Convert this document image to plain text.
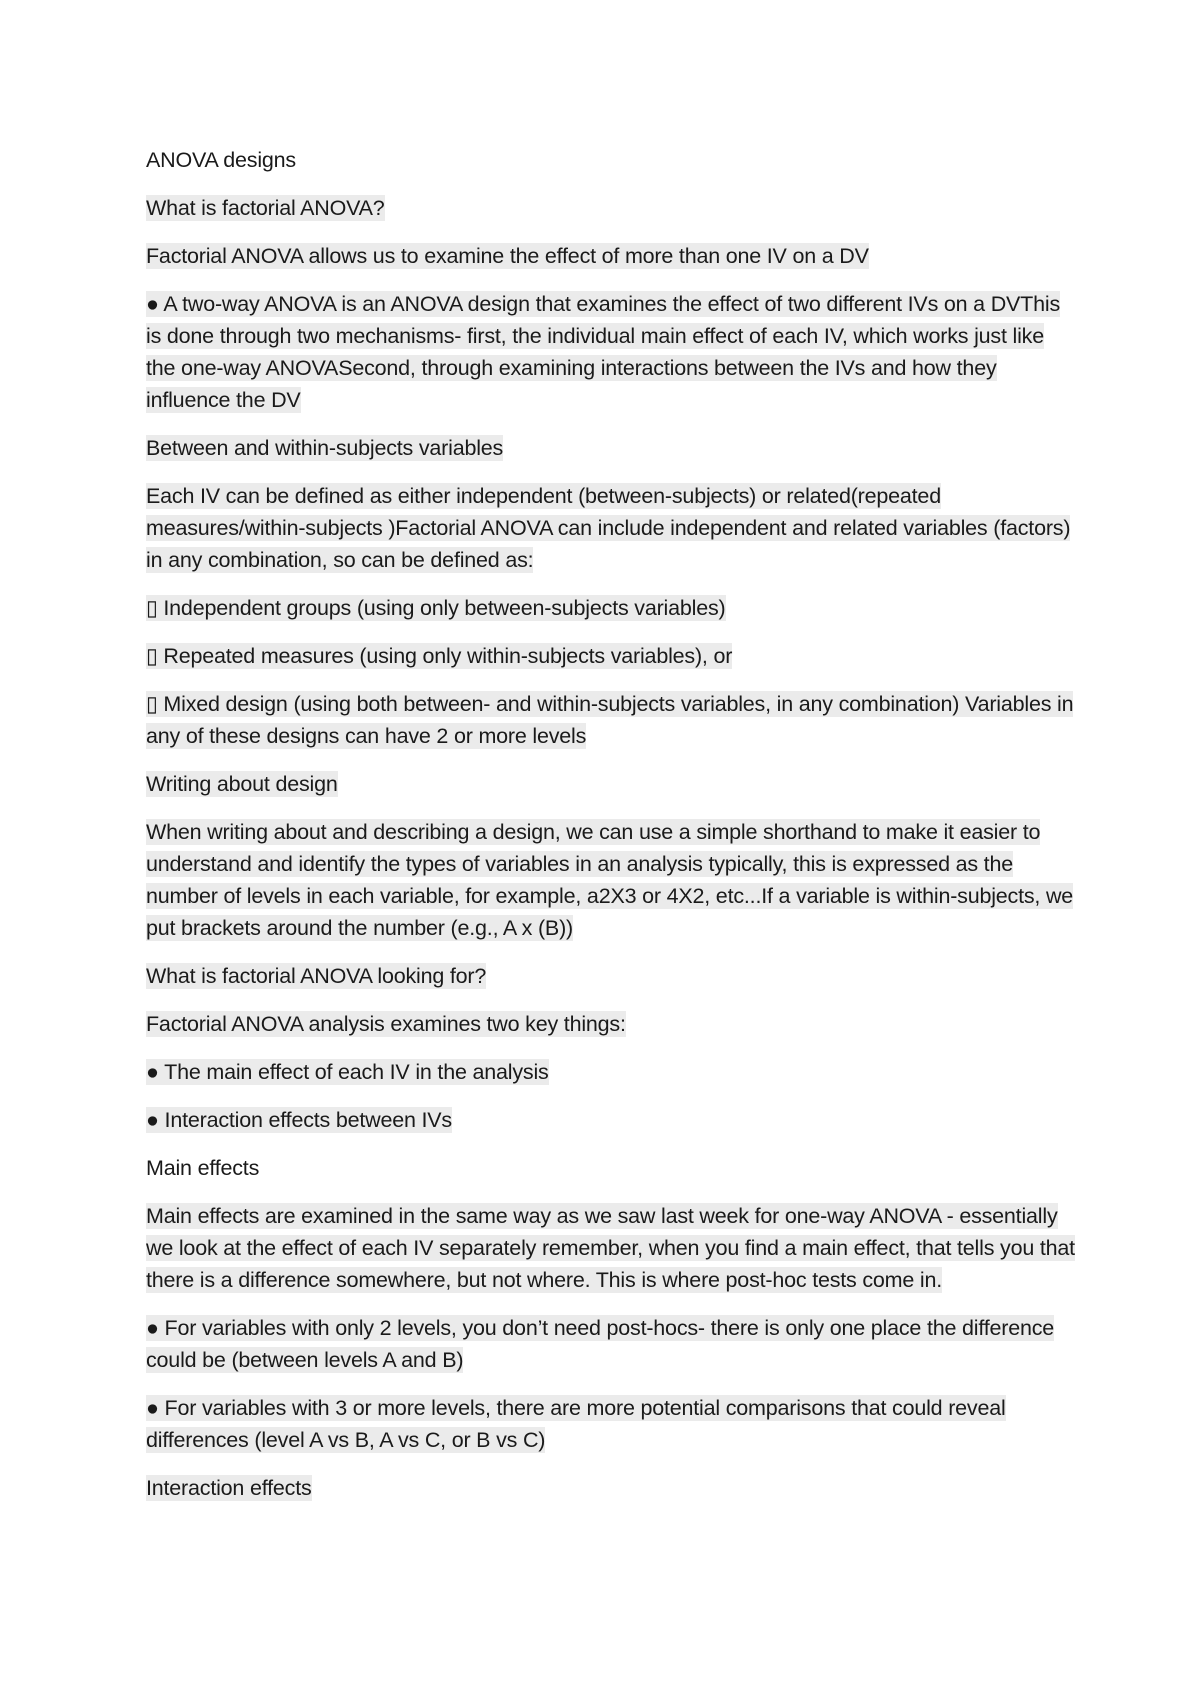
ANOVA designs

What is factorial ANOVA?

Factorial ANOVA allows us to examine the effect of more than one IV on a DV

● A two-way ANOVA is an ANOVA design that examines the effect of two different IVs on a DVThis is done through two mechanisms- first, the individual main effect of each IV, which works just like the one-way ANOVASecond, through examining interactions between the IVs and how they influence the DV

Between and within-subjects variables

Each IV can be defined as either independent (between-subjects) or related(repeated measures/within-subjects )Factorial ANOVA can include independent and related variables (factors) in any combination, so can be defined as:

▯ Independent groups (using only between-subjects variables)

▯ Repeated measures (using only within-subjects variables), or

▯ Mixed design (using both between- and within-subjects variables, in any combination) Variables in any of these designs can have 2 or more levels

Writing about design

When writing about and describing a design, we can use a simple shorthand to make it easier to understand and identify the types of variables in an analysis typically, this is expressed as the number of levels in each variable, for example, a2X3 or 4X2, etc...If a variable is within-subjects, we put brackets around the number (e.g., A x (B))

What is factorial ANOVA looking for?

Factorial ANOVA analysis examines two key things:

● The main effect of each IV in the analysis

● Interaction effects between IVs

Main effects

Main effects are examined in the same way as we saw last week for one-way ANOVA - essentially we look at the effect of each IV separately remember, when you find a main effect, that tells you that there is a difference somewhere, but not where. This is where post-hoc tests come in.

● For variables with only 2 levels, you don’t need post-hocs- there is only one place the difference could be (between levels A and B)

● For variables with 3 or more levels, there are more potential comparisons that could reveal differences (level A vs B, A vs C, or B vs C)

Interaction effects
